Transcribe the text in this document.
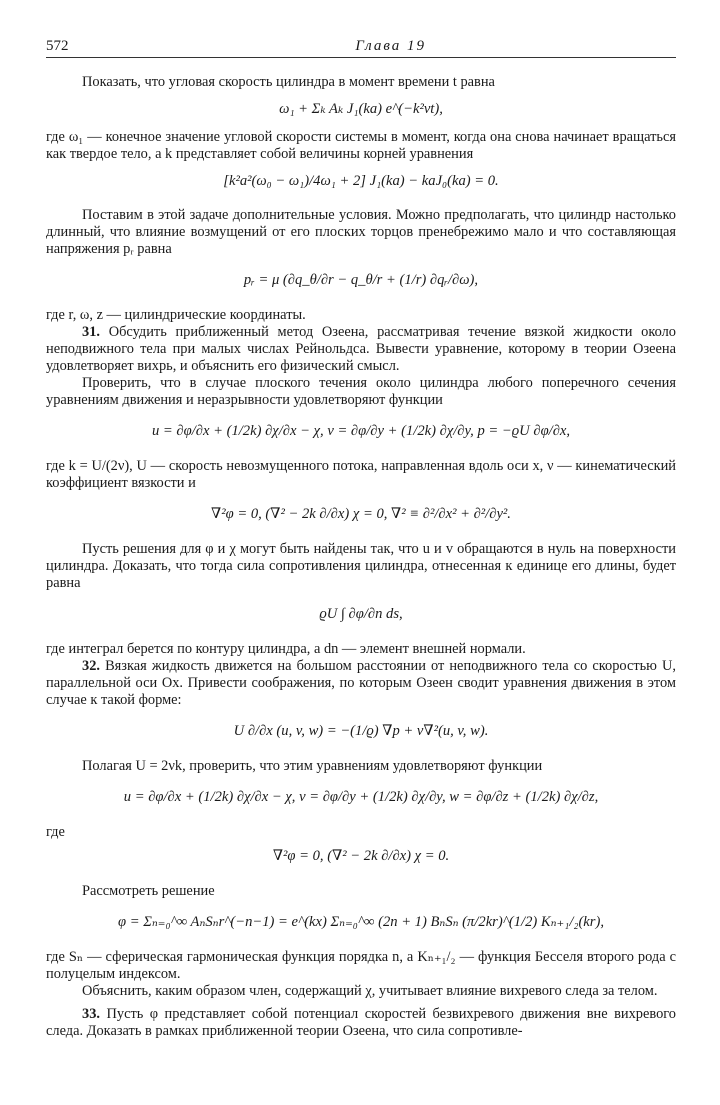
572	Глава 19

Показать, что угловая скорость цилиндра в момент времени t равна

ω₁ + Σₖ Aₖ J₁(ka) e^(−k²νt),

где ω₁ — конечное значение угловой скорости системы в момент, когда она снова начинает вращаться как твердое тело, а k представляет собой величины корней уравнения

[k²a²(ω₀ − ω₁)/4ω₁ + 2] J₁(ka) − kaJ₀(ka) = 0.

Поставим в этой задаче дополнительные условия. Можно предполагать, что цилиндр настолько длинный, что влияние возмущений от его плоских торцов пренебрежимо мало и что составляющая напряжения pᵣ равна

pᵣ = μ (∂q_θ/∂r − q_θ/r + (1/r) ∂qᵣ/∂ω),

где r, ω, z — цилиндрические координаты.

31. Обсудить приближенный метод Озеена, рассматривая течение вязкой жидкости около неподвижного тела при малых числах Рейнольдса. Вывести уравнение, которому в теории Озеена удовлетворяет вихрь, и объяснить его физический смысл.

Проверить, что в случае плоского течения около цилиндра любого поперечного сечения уравнениям движения и неразрывности удовлетворяют функции

u = ∂φ/∂x + (1/2k) ∂χ/∂x − χ, v = ∂φ/∂y + (1/2k) ∂χ/∂y, p = −ϱU ∂φ/∂x,

где k = U/(2ν), U — скорость невозмущенного потока, направленная вдоль оси x, ν — кинематический коэффициент вязкости и

∇²φ = 0, (∇² − 2k ∂/∂x) χ = 0, ∇² ≡ ∂²/∂x² + ∂²/∂y².

Пусть решения для φ и χ могут быть найдены так, что u и v обращаются в нуль на поверхности цилиндра. Доказать, что тогда сила сопротивления цилиндра, отнесенная к единице его длины, будет равна

ϱU ∫ ∂φ/∂n ds,

где интеграл берется по контуру цилиндра, а dn — элемент внешней нормали.

32. Вязкая жидкость движется на большом расстоянии от неподвижного тела со скоростью U, параллельной оси Ox. Привести соображения, по которым Озеен сводит уравнения движения в этом случае к такой форме:

U ∂/∂x (u, v, w) = −(1/ϱ) ∇p + ν∇²(u, v, w).

Полагая U = 2νk, проверить, что этим уравнениям удовлетворяют функции

u = ∂φ/∂x + (1/2k) ∂χ/∂x − χ, v = ∂φ/∂y + (1/2k) ∂χ/∂y, w = ∂φ/∂z + (1/2k) ∂χ/∂z,

где

∇²φ = 0, (∇² − 2k ∂/∂x) χ = 0.

Рассмотреть решение

φ = Σₙ₌₀^∞ AₙSₙr^(−n−1) = e^(kx) Σₙ₌₀^∞ (2n + 1) BₙSₙ (π/2kr)^(1/2) Kₙ₊₁/₂(kr),

где Sₙ — сферическая гармоническая функция порядка n, а Kₙ₊₁/₂ — функция Бесселя второго рода с полуцелым индексом.

Объяснить, каким образом член, содержащий χ, учитывает влияние вихревого следа за телом.

33. Пусть φ представляет собой потенциал скоростей безвихревого движения вне вихревого следа. Доказать в рамках приближенной теории Озеена, что сила сопротивле-
